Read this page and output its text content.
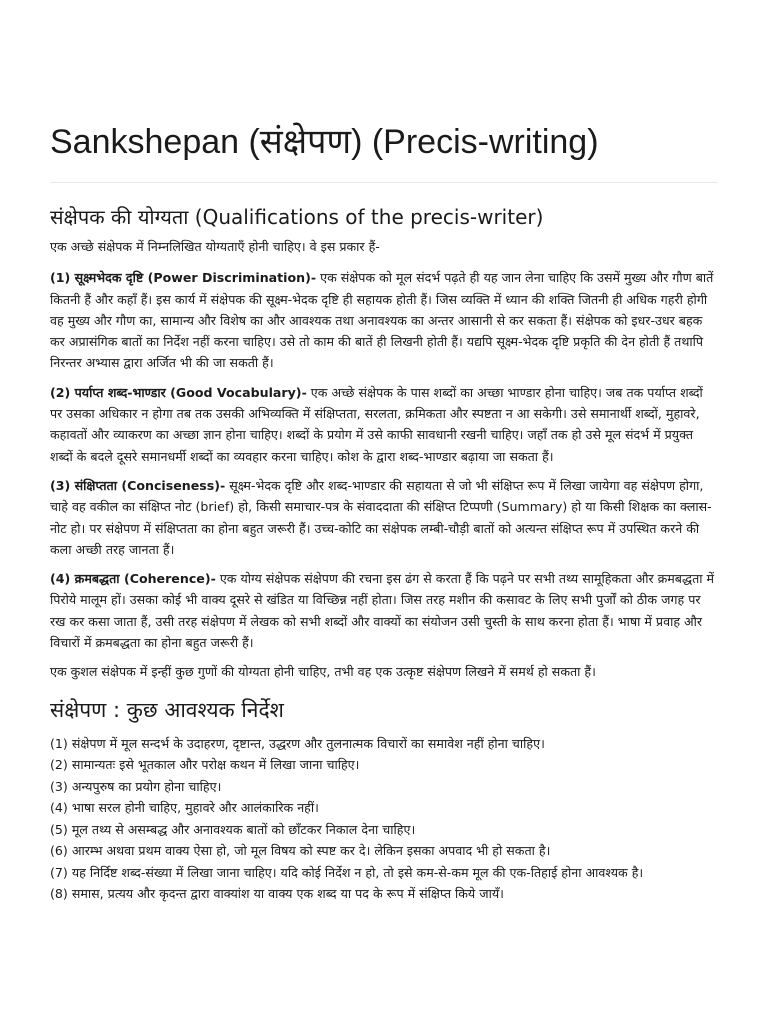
Sankshepan (संक्षेपण) (Precis-writing)
संक्षेपक की योग्यता (Qualifications of the precis-writer)

एक अच्छे संक्षेपक में निम्नलिखित योग्यताएँ होनी चाहिए। वे इस प्रकार हैं-

(1) सूक्ष्मभेदक दृष्टि (Power Discrimination)- एक संक्षेपक को मूल संदर्भ पढ़ते ही यह जान लेना चाहिए कि उसमें मुख्य और गौण बातें कितनी हैं और कहाँ हैं। इस कार्य में संक्षेपक की सूक्ष्म-भेदक दृष्टि ही सहायक होती हैं। जिस व्यक्ति में ध्यान की शक्ति जितनी ही अधिक गहरी होगी वह मुख्य और गौण का, सामान्य और विशेष का और आवश्यक तथा अनावश्यक का अन्तर आसानी से कर सकता हैं। संक्षेपक को इधर-उधर बहक कर अप्रासंगिक बातों का निर्देश नहीं करना चाहिए। उसे तो काम की बातें ही लिखनी होती हैं। यद्यपि सूक्ष्म-भेदक दृष्टि प्रकृति की देन होती हैं तथापि निरन्तर अभ्यास द्वारा अर्जित भी की जा सकती हैं।

(2) पर्याप्त शब्द-भाण्डार (Good Vocabulary)- एक अच्छे संक्षेपक के पास शब्दों का अच्छा भाण्डार होना चाहिए। जब तक पर्याप्त शब्दों पर उसका अधिकार न होगा तब तक उसकी अभिव्यक्ति में संक्षिप्तता, सरलता, क्रमिकता और स्पष्टता न आ सकेगी। उसे समानार्थी शब्दों, मुहावरे, कहावतों और व्याकरण का अच्छा ज्ञान होना चाहिए। शब्दों के प्रयोग में उसे काफी सावधानी रखनी चाहिए। जहाँ तक हो उसे मूल संदर्भ में प्रयुक्त शब्दों के बदले दूसरे समानधर्मी शब्दों का व्यवहार करना चाहिए। कोश के द्वारा शब्द-भाण्डार बढ़ाया जा सकता हैं।

(3) संक्षिप्तता (Conciseness)- सूक्ष्म-भेदक दृष्टि और शब्द-भाण्डार की सहायता से जो भी संक्षिप्त रूप में लिखा जायेगा वह संक्षेपण होगा, चाहे वह वकील का संक्षिप्त नोट (brief) हो, किसी समाचार-पत्र के संवाददाता की संक्षिप्त टिप्पणी (Summary) हो या किसी शिक्षक का क्लास-नोट हो। पर संक्षेपण में संक्षिप्तता का होना बहुत जरूरी हैं। उच्च-कोटि का संक्षेपक लम्बी-चौड़ी बातों को अत्यन्त संक्षिप्त रूप में उपस्थित करने की कला अच्छी तरह जानता हैं।

(4) क्रमबद्धता (Coherence)- एक योग्य संक्षेपक संक्षेपण की रचना इस ढंग से करता हैं कि पढ़ने पर सभी तथ्य सामूहिकता और क्रमबद्धता में पिरोये मालूम हों। उसका कोई भी वाक्य दूसरे से खंडित या विच्छिन्न नहीं होता। जिस तरह मशीन की कसावट के लिए सभी पुर्जों को ठीक जगह पर रख कर कसा जाता हैं, उसी तरह संक्षेपण में लेखक को सभी शब्दों और वाक्यों का संयोजन उसी चुस्ती के साथ करना होता हैं। भाषा में प्रवाह और विचारों में क्रमबद्धता का होना बहुत जरूरी हैं।

एक कुशल संक्षेपक में इन्हीं कुछ गुणों की योग्यता होनी चाहिए, तभी वह एक उत्कृष्ट संक्षेपण लिखने में समर्थ हो सकता हैं।

संक्षेपण : कुछ आवश्यक निर्देश
(1) संक्षेपण में मूल सन्दर्भ के उदाहरण, दृष्टान्त, उद्धरण और तुलनात्मक विचारों का समावेश नहीं होना चाहिए।
(2) सामान्यतः इसे भूतकाल और परोक्ष कथन में लिखा जाना चाहिए।
(3) अन्यपुरुष का प्रयोग होना चाहिए।
(4) भाषा सरल होनी चाहिए, मुहावरे और आलंकारिक नहीं।
(5) मूल तथ्य से असम्बद्ध और अनावश्यक बातों को छाँटकर निकाल देना चाहिए।
(6) आरम्भ अथवा प्रथम वाक्य ऐसा हो, जो मूल विषय को स्पष्ट कर दे। लेकिन इसका अपवाद भी हो सकता है।
(7) यह निर्दिष्ट शब्द-संख्या में लिखा जाना चाहिए। यदि कोई निर्देश न हो, तो इसे कम-से-कम मूल की एक-तिहाई होना आवश्यक है।
(8) समास, प्रत्यय और कृदन्त द्वारा वाक्यांश या वाक्य एक शब्द या पद के रूप में संक्षिप्त किये जायँ।
